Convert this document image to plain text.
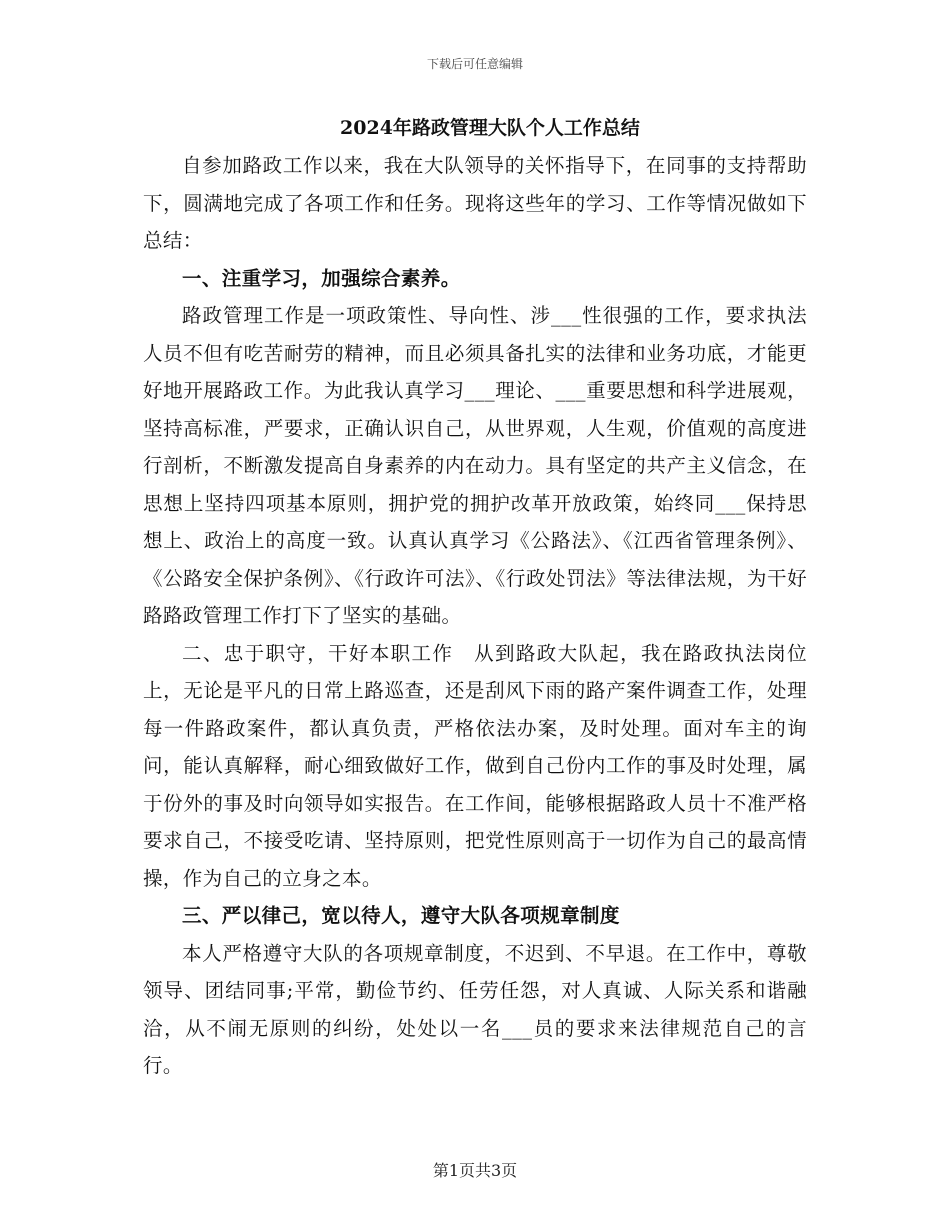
下载后可任意编辑
2024年路政管理大队个人工作总结

自参加路政工作以来，我在大队领导的关怀指导下，在同事的支持帮助下，圆满地完成了各项工作和任务。现将这些年的学习、工作等情况做如下总结：

一、注重学习，加强综合素养。

路政管理工作是一项政策性、导向性、涉___性很强的工作，要求执法人员不但有吃苦耐劳的精神，而且必须具备扎实的法律和业务功底，才能更好地开展路政工作。为此我认真学习___理论、___重要思想和科学进展观，坚持高标准，严要求，正确认识自己，从世界观，人生观，价值观的高度进行剖析，不断激发提高自身素养的内在动力。具有坚定的共产主义信念，在思想上坚持四项基本原则，拥护党的拥护改革开放政策，始终同___保持思想上、政治上的高度一致。认真认真学习《公路法》、《江西省管理条例》、《公路安全保护条例》、《行政许可法》、《行政处罚法》等法律法规，为干好路路政管理工作打下了坚实的基础。

二、忠于职守，干好本职工作　从到路政大队起，我在路政执法岗位上，无论是平凡的日常上路巡查，还是刮风下雨的路产案件调查工作，处理每一件路政案件，都认真负责，严格依法办案，及时处理。面对车主的询问，能认真解释，耐心细致做好工作，做到自己份内工作的事及时处理，属于份外的事及时向领导如实报告。在工作间，能够根据路政人员十不准严格要求自己，不接受吃请、坚持原则，把党性原则高于一切作为自己的最高情操，作为自己的立身之本。

三、严以律己，宽以待人，遵守大队各项规章制度

本人严格遵守大队的各项规章制度，不迟到、不早退。在工作中，尊敬领导、团结同事;平常，勤俭节约、任劳任怨，对人真诚、人际关系和谐融洽，从不闹无原则的纠纷，处处以一名___员的要求来法律规范自己的言行。

第1页共3页
